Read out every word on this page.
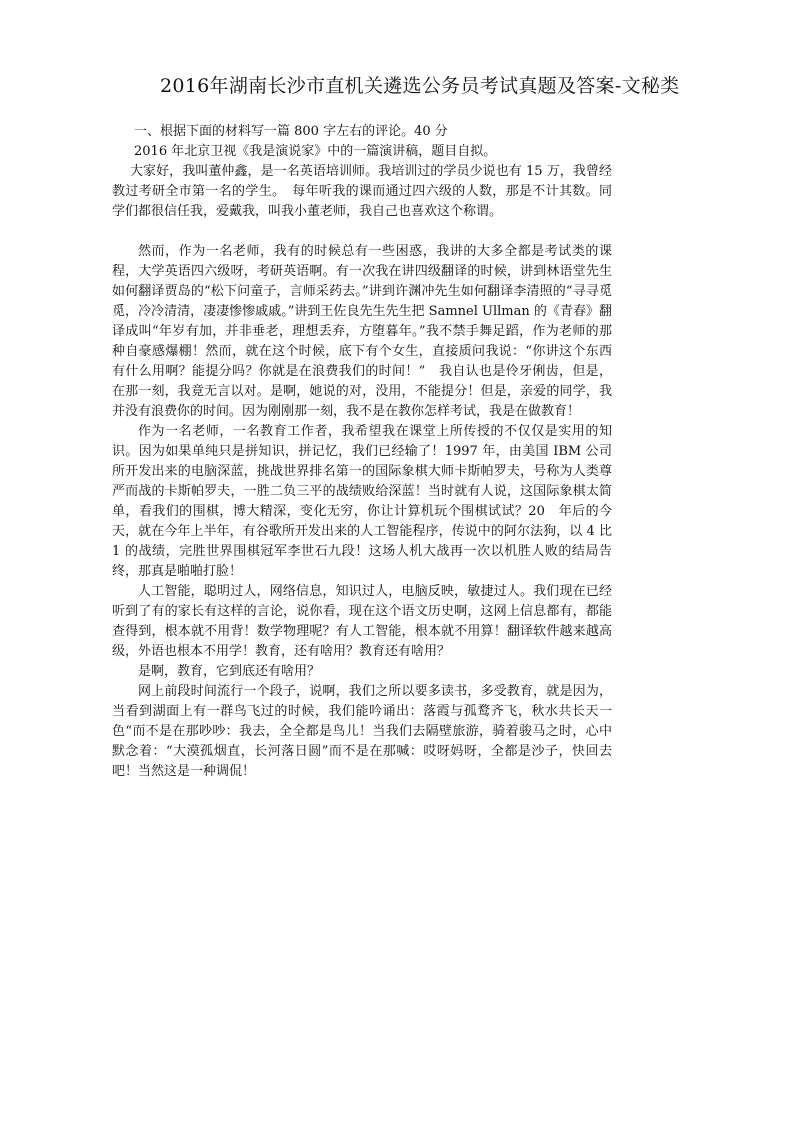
2016年湖南长沙市直机关遴选公务员考试真题及答案-文秘类

一、根据下面的材料写一篇 800 字左右的评论。40 分

2016 年北京卫视《我是演说家》中的一篇演讲稿，题目自拟。

大家好，我叫董仲鑫，是一名英语培训师。我培训过的学员少说也有 15 万，我曾经教过考研全市第一名的学生。　每年听我的课而通过四六级的人数，那是不计其数。同学们都很信任我，爱戴我，叫我小董老师，我自己也喜欢这个称谓。

然而，作为一名老师，我有的时候总有一些困惑，我讲的大多全都是考试类的课程，大学英语四六级呀，考研英语啊。有一次我在讲四级翻译的时候，讲到林语堂先生如何翻译贾岛的“松下问童子，言师采药去。”讲到许渊冲先生如何翻译李清照的“寻寻觅觅，冷冷清清，凄凄惨惨戚戚。”讲到王佐良先生先生把 Samnel Ullman 的《青春》翻译成叫“年岁有加，并非垂老，理想丢弃，方堕暮年。”我不禁手舞足蹈，作为老师的那种自豪感爆棚！然而，就在这个时候，底下有个女生，直接质问我说：“你讲这个东西有什么用啊？能提分吗？你就是在浪费我们的时间！”　我自认也是伶牙俐齿，但是，在那一刻，我竟无言以对。是啊，她说的对，没用，不能提分！但是，亲爱的同学，我并没有浪费你的时间。因为刚刚那一刻，我不是在教你怎样考试，我是在做教育！

作为一名老师，一名教育工作者，我希望我在课堂上所传授的不仅仅是实用的知识。因为如果单纯只是拼知识，拼记忆，我们已经输了！1997 年，由美国 IBM 公司所开发出来的电脑深蓝，挑战世界排名第一的国际象棋大师卡斯帕罗夫，号称为人类尊严而战的卡斯帕罗夫，一胜二负三平的战绩败给深蓝！当时就有人说，这国际象棋太简单，看我们的围棋，博大精深，变化无穷，你让计算机玩个围棋试试？20　年后的今天，就在今年上半年，有谷歌所开发出来的人工智能程序，传说中的阿尔法狗，以 4 比 1 的战绩，完胜世界围棋冠军李世石九段！这场人机大战再一次以机胜人败的结局告终，那真是啪啪打脸！

人工智能，聪明过人，网络信息，知识过人，电脑反映，敏捷过人。我们现在已经听到了有的家长有这样的言论，说你看，现在这个语文历史啊，这网上信息都有，都能查得到，根本就不用背！数学物理呢？有人工智能，根本就不用算！翻译软件越来越高级，外语也根本不用学！教育，还有啥用？教育还有啥用？

是啊，教育，它到底还有啥用？

网上前段时间流行一个段子，说啊，我们之所以要多读书，多受教育，就是因为，当看到湖面上有一群鸟飞过的时候，我们能吟诵出：落霞与孤鹜齐飞，秋水共长天一色“而不是在那吵吵：我去，全全都是鸟儿！当我们去隔壁旅游，骑着骏马之时，心中默念着：“大漠孤烟直，长河落日圆”而不是在那喊：哎呀妈呀，全都是沙子，快回去吧！当然这是一种调侃！
